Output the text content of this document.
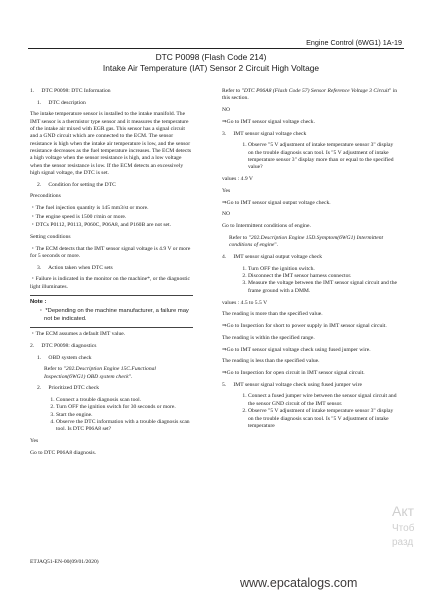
Engine Control (6WG1) 1A-19
DTC P0098 (Flash Code 214)
Intake Air Temperature (IAT) Sensor 2 Circuit High Voltage
1. DTC P0098: DTC Information
1. DTC description

The intake temperature sensor is installed to the intake manifold. The IMT sensor is a thermistor type sensor and it measures the temperature of the intake air mixed with EGR gas. This sensor has a signal circuit and a GND circuit which are connected to the ECM. The sensor resistance is high when the intake air temperature is low, and the sensor resistance decreases as the fuel temperature increases. The ECM detects a high voltage when the sensor resistance is high, and a low voltage when the sensor resistance is low. If the ECM detects an excessively high signal voltage, the DTC is set.

2. Condition for setting the DTC

Preconditions

・The fuel injection quantity is 145 mm3/st or more.
・The engine speed is 1500 r/min or more.

・DTCs P0112, P0113, P060C, P06A8, and P160B are not set.

Setting conditions

・The ECM detects that the IMT sensor signal voltage is 4.9 V or more for 5 seconds or more.

3. Action taken when DTC sets

・Failure is indicated in the monitor on the machine*, or the diagnostic light illuminates.

Note :
・ *Depending on the machine manufacturer, a failure may not be indicated.

・The ECM assumes a default IMT value.

2. DTC P0098: diagnostics
1. OBD system check

Refer to "202.Description Engine 15C.Functional Inspection(6WG1) OBD system check".

2. Prioritized DTC check
1. Connect a trouble diagnosis scan tool.
2. Turn OFF the ignition switch for 30 seconds or more.
3. Start the engine.
4. Observe the DTC information with a trouble diagnosis scan tool. Is DTC P06A8 set?

Yes

Go to DTC P06A8 diagnosis.

Refer to "DTC P06A8 (Flash Code 57) Sensor Reference Voltage 3 Circuit" in this section.

NO

⇒Go to IMT sensor signal voltage check.

3. IMT sensor signal voltage check
1. Observe "5 V adjustment of intake temperature sensor 3" display on the trouble diagnosis scan tool. Is "5 V adjustment of intake temperature sensor 3" display more than or equal to the specified value?

values : 4.9 V

Yes

⇒Go to IMT sensor signal output voltage check.

NO

Go to Intermittent conditions of engine.

Refer to "202.Description Engine 15D.Symptom(6WG1) Intermittent conditions of engine".

4. IMT sensor signal output voltage check
1. Turn OFF the ignition switch.
2. Disconnect the IMT sensor harness connector.
3. Measure the voltage between the IMT sensor signal circuit and the frame ground with a DMM.

values : 4.5 to 5.5 V

The reading is more than the specified value.

⇒Go to Inspection for short to power supply in IMT sensor signal circuit.

The reading is within the specified range.

⇒Go to IMT sensor signal voltage check using fused jumper wire.

The reading is less than the specified value.

⇒Go to Inspection for open circuit in IMT sensor signal circuit.

5. IMT sensor signal voltage check using fused jumper wire
1. Connect a fused jumper wire between the sensor signal circuit and the sensor GND circuit of the IMT sensor.
2. Observe "5 V adjustment of intake temperature sensor 3" display on the trouble diagnosis scan tool. Is "5 V adjustment of intake temperature
ETJAQ51-EN-00(09/01/2020)
www.epcatalogs.com
Акт
Чтоб
разд
